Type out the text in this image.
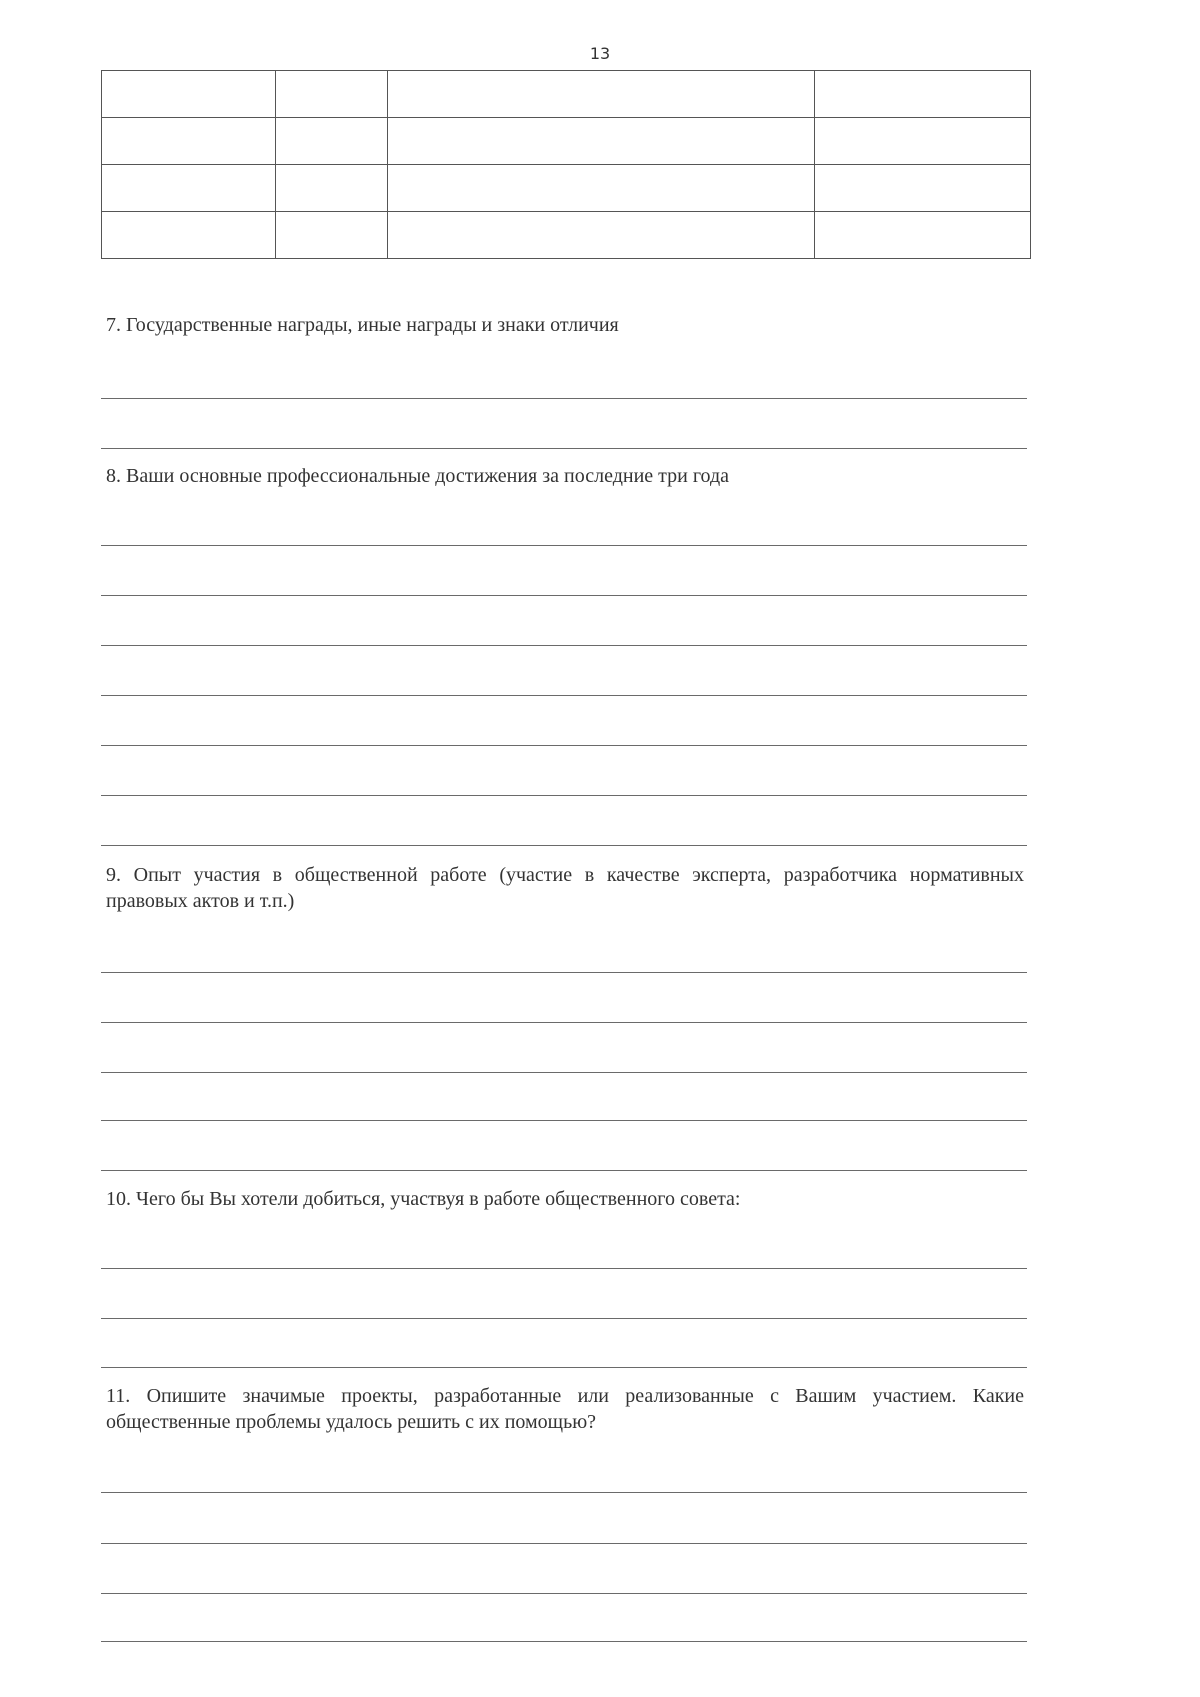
13

7. Государственные награды, иные награды и знаки отличия
8. Ваши основные профессиональные достижения за последние три года
9. Опыт участия в общественной работе (участие в качестве эксперта, разработчика нормативных правовых актов и т.п.)
10. Чего бы Вы хотели добиться, участвуя в работе общественного совета:
11. Опишите значимые проекты, разработанные или реализованные с Вашим участием. Какие общественные проблемы удалось решить с их помощью?
